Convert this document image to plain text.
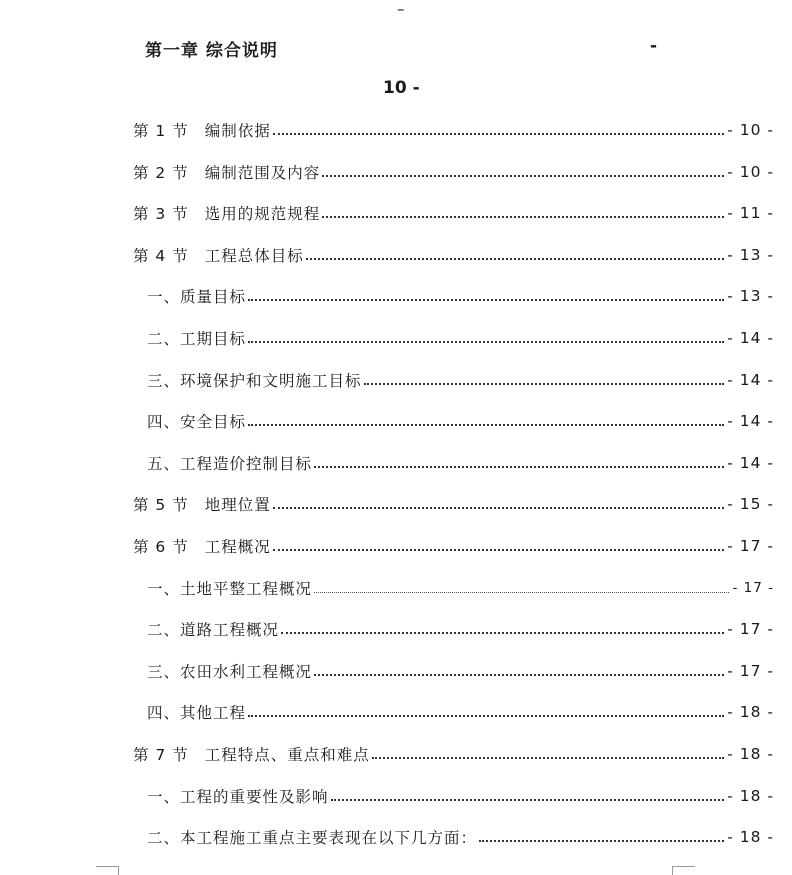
–
第一章 综合说明	-
10 -
第 1 节 编制依据	- 10 -
第 2 节 编制范围及内容	- 10 -
第 3 节 选用的规范规程	- 11 -
第 4 节 工程总体目标	- 13 -
一、质量目标	- 13 -
二、工期目标	- 14 -
三、环境保护和文明施工目标	- 14 -
四、安全目标	- 14 -
五、工程造价控制目标	- 14 -
第 5 节 地理位置	- 15 -
第 6 节 工程概况	- 17 -
一、土地平整工程概况	- 17 -
二、道路工程概况	- 17 -
三、农田水利工程概况	- 17 -
四、其他工程	- 18 -
第 7 节 工程特点、重点和难点	- 18 -
一、工程的重要性及影响	- 18 -
二、本工程施工重点主要表现在以下几方面：	- 18 -
